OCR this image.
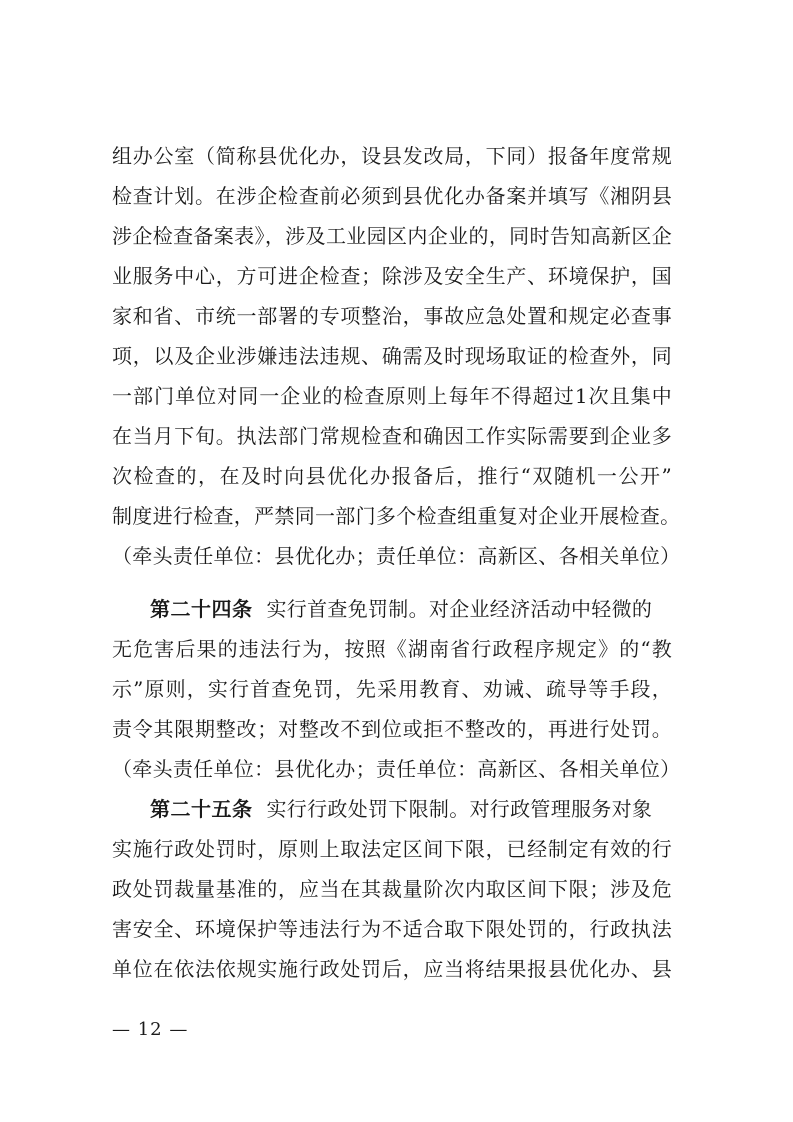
组办公室（简称县优化办，设县发改局，下同）报备年度常规
检查计划。在涉企检查前必须到县优化办备案并填写《湘阴县
涉企检查备案表》，涉及工业园区内企业的，同时告知高新区企
业服务中心，方可进企检查；除涉及安全生产、环境保护，国
家和省、市统一部署的专项整治，事故应急处置和规定必查事
项，以及企业涉嫌违法违规、确需及时现场取证的检查外，同
一部门单位对同一企业的检查原则上每年不得超过1次且集中
在当月下旬。执法部门常规检查和确因工作实际需要到企业多
次检查的，在及时向县优化办报备后，推行“双随机一公开”
制度进行检查，严禁同一部门多个检查组重复对企业开展检查。
（牵头责任单位：县优化办；责任单位：高新区、各相关单位）
第二十四条 实行首查免罚制。对企业经济活动中轻微的
无危害后果的违法行为，按照《湖南省行政程序规定》的“教
示”原则，实行首查免罚，先采用教育、劝诫、疏导等手段，
责令其限期整改；对整改不到位或拒不整改的，再进行处罚。
（牵头责任单位：县优化办；责任单位：高新区、各相关单位）
第二十五条 实行行政处罚下限制。对行政管理服务对象
实施行政处罚时，原则上取法定区间下限，已经制定有效的行
政处罚裁量基准的，应当在其裁量阶次内取区间下限；涉及危
— 12 —
害安全、环境保护等违法行为不适合取下限处罚的，行政执法
单位在依法依规实施行政处罚后，应当将结果报县优化办、县
